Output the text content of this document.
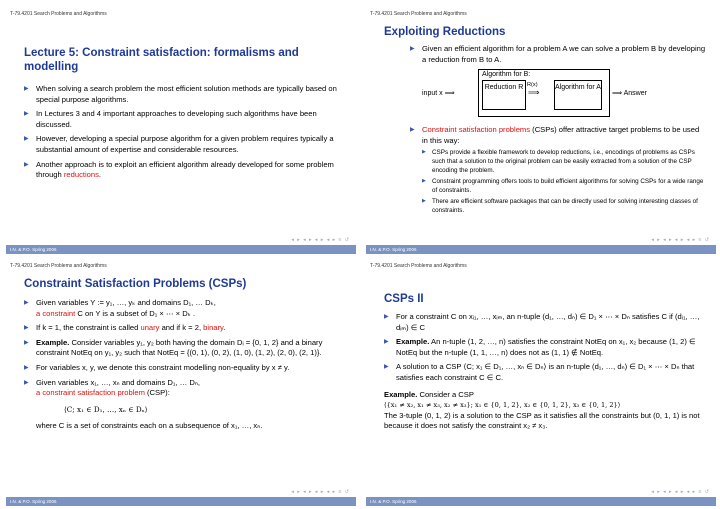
T-79.4201 Search Problems and Algorithms
Lecture 5: Constraint satisfaction: formalisms and modelling
▶ When solving a search problem the most efficient solution methods are typically based on special purpose algorithms.
▶ In Lectures 3 and 4 important approaches to developing such algorithms have been discussed.
▶ However, developing a special purpose algorithm for a given problem requires typically a substantial amount of expertise and considerable resources.
▶ Another approach is to exploit an efficient algorithm already developed for some problem through reductions.
◂ ▸ ◂ ▸ ◂ ▸ ◂ ▸ ≡ ↺
I.N. & P.O. Spring 2006
T-79.4201 Search Problems and Algorithms
Exploiting Reductions
▶ Given an efficient algorithm for a problem A we can solve a problem B by developing a reduction from B to A.
input x ⟹
Algorithm for B:
Reduction R R(x)
⟹
Algorithm for A
⟹ Answer
▶ Constraint satisfaction problems (CSPs) offer attractive target problems to be used in this way:
▶ CSPs provide a flexible framework to develop reductions, i.e., encodings of problems as CSPs such that a solution to the original problem can be easily extracted from a solution of the CSP encoding the problem.
▶ Constraint programming offers tools to build efficient algorithms for solving CSPs for a wide range of constraints.
▶ There are efficient software packages that can be directly used for solving interesting classes of constraints.
◂ ▸ ◂ ▸ ◂ ▸ ◂ ▸ ≡ ↺
I.N. & P.O. Spring 2006
T-79.4201 Search Problems and Algorithms
Constraint Satisfaction Problems (CSPs)
▶ Given variables Y := y₁, …, yₖ and domains D₁, … Dₖ,
a constraint C on Y is a subset of D₁ × ⋯ × Dₖ .
▶ If k = 1, the constraint is called unary and if k = 2, binary.
▶ Example. Consider variables y₁, y₂ both having the domain Dᵢ = {0, 1, 2} and a binary constraint NotEq on y₁, y₂ such that NotEq = {(0, 1), (0, 2), (1, 0), (1, 2), (2, 0), (2, 1)}.
▶ For variables x, y, we denote this constraint modelling non-equality by x ≠ y.
▶ Given variables x₁, …, xₙ and domains D₁, … Dₙ,
a constraint satisfaction problem (CSP):
⟨C; x₁ ∈ D₁, …, xₙ ∈ Dₙ⟩
where C is a set of constraints each on a subsequence of x₁, …, xₙ.
◂ ▸ ◂ ▸ ◂ ▸ ◂ ▸ ≡ ↺
I.N. & P.O. Spring 2006
T-79.4201 Search Problems and Algorithms
CSPs II
▶ For a constraint C on xᵢ₁, …, xᵢₘ, an n-tuple (d₁, …, dₙ) ∈ D₁ × ⋯ × Dₙ satisfies C if (dᵢ₁, …, dᵢₘ) ∈ C
▶ Example. An n-tuple (1, 2, …, n) satisfies the constraint NotEq on x₁, x₂ because (1, 2) ∈ NotEq but the n-tuple (1, 1, …, n) does not as (1, 1) ∉ NotEq.
▶ A solution to a CSP ⟨C; x₁ ∈ D₁, …, xₙ ∈ Dₙ⟩ is an n-tuple (d₁, …, dₙ) ∈ D₁ × ⋯ × Dₙ that satisfies each constraint C ∈ C.
Example. Consider a CSP
⟨{x₁ ≠ x₂, x₁ ≠ x₃, x₂ ≠ x₃}; x₁ ∈ {0, 1, 2}, x₂ ∈ {0, 1, 2}, x₃ ∈ {0, 1, 2}⟩
The 3-tuple (0, 1, 2) is a solution to the CSP as it satisfies all the constraints but (0, 1, 1) is not because it does not satisfy the constraint x₂ ≠ x₃.
◂ ▸ ◂ ▸ ◂ ▸ ◂ ▸ ≡ ↺
I.N. & P.O. Spring 2006
